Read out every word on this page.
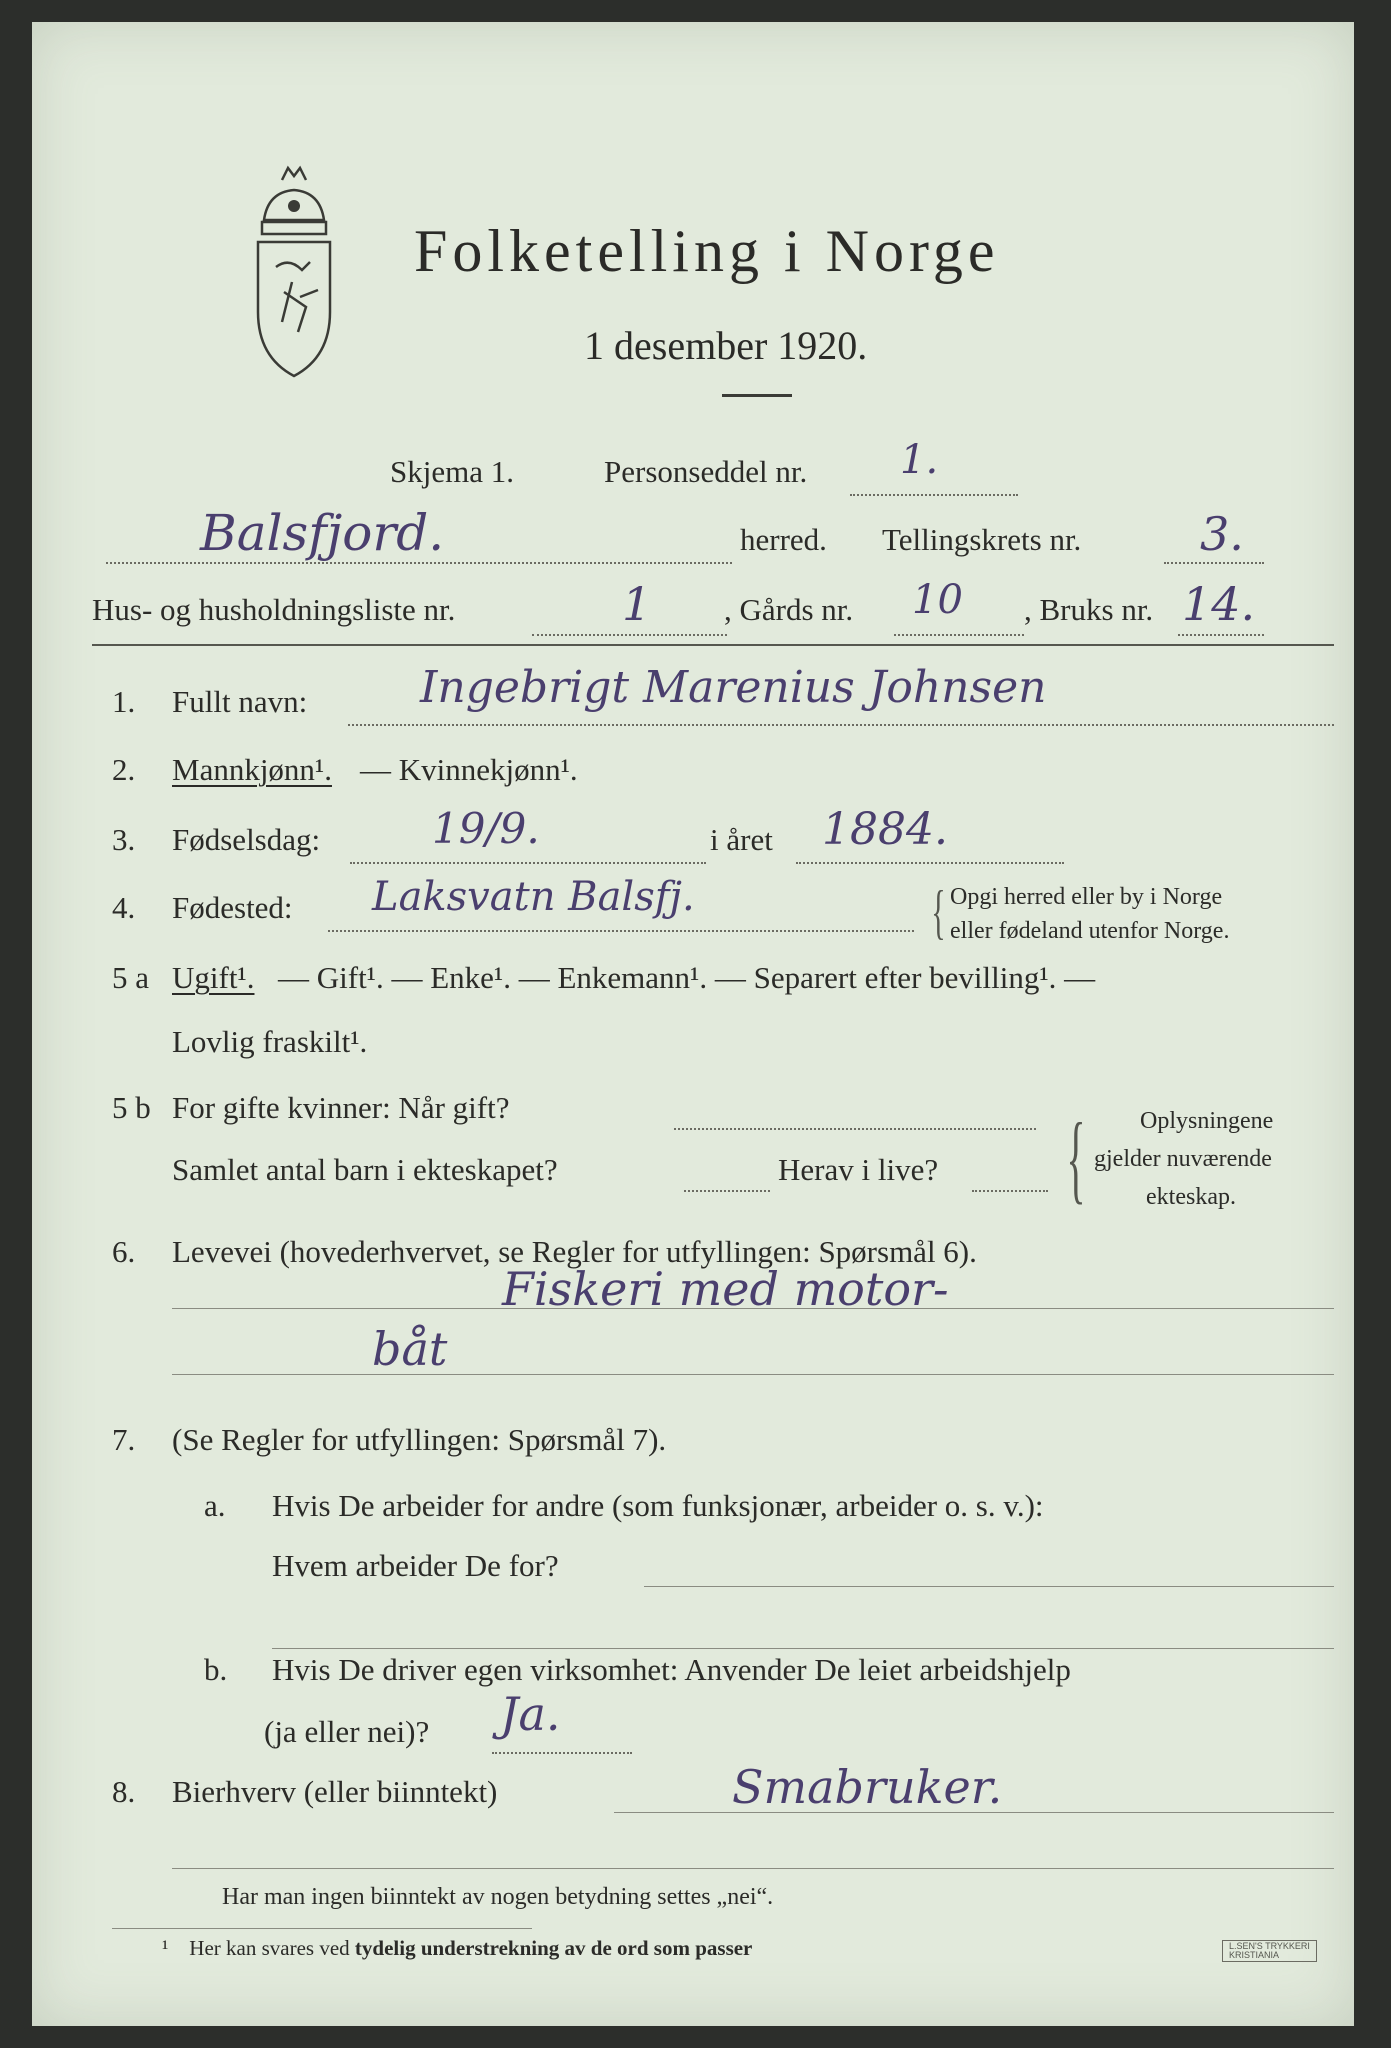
Folketelling i Norge
1 desember 1920.
Skjema 1.	Personseddel nr. 1.
Balsfjord.	herred. Tellingskrets nr.	3.
Hus- og husholdningsliste nr.	1 , Gårds nr. 10 , Bruks nr. 14.
1. Fullt navn:	Ingebrigt Marenius Johnsen
2. Mannkjønn¹. — Kvinnekjønn¹.
3. Fødselsdag:	19/9.	i året 1884.
4. Fødested: Laksvatn Balsfj.	{ Opgi herred eller by i Norge
eller fødeland utenfor Norge.
5 a Ugift¹. — Gift¹. — Enke¹. — Enkemann¹. — Separert efter bevilling¹. —
Lovlig fraskilt¹.
5 b For gifte kvinner: Når gift?
Samlet antal barn i ekteskapet?	Herav i live? { Oplysningene
gjelder nuværende
ekteskap.
6. Levevei (hovederhvervet, se Regler for utfyllingen: Spørsmål 6).
Fiskeri med motor-
båt
7. (Se Regler for utfyllingen: Spørsmål 7).
a. Hvis De arbeider for andre (som funksjonær, arbeider o. s. v.):
Hvem arbeider De for?
b. Hvis De driver egen virksomhet: Anvender De leiet arbeidshjelp
(ja eller nei)? Ja.
8. Bierhverv (eller biinntekt)	Smabruker.
Har man ingen biinntekt av nogen betydning settes „nei“.
¹ Her kan svares ved tydelig understrekning av de ord som passer	L.SEN'S TRYKKERI
KRISTIANIA
